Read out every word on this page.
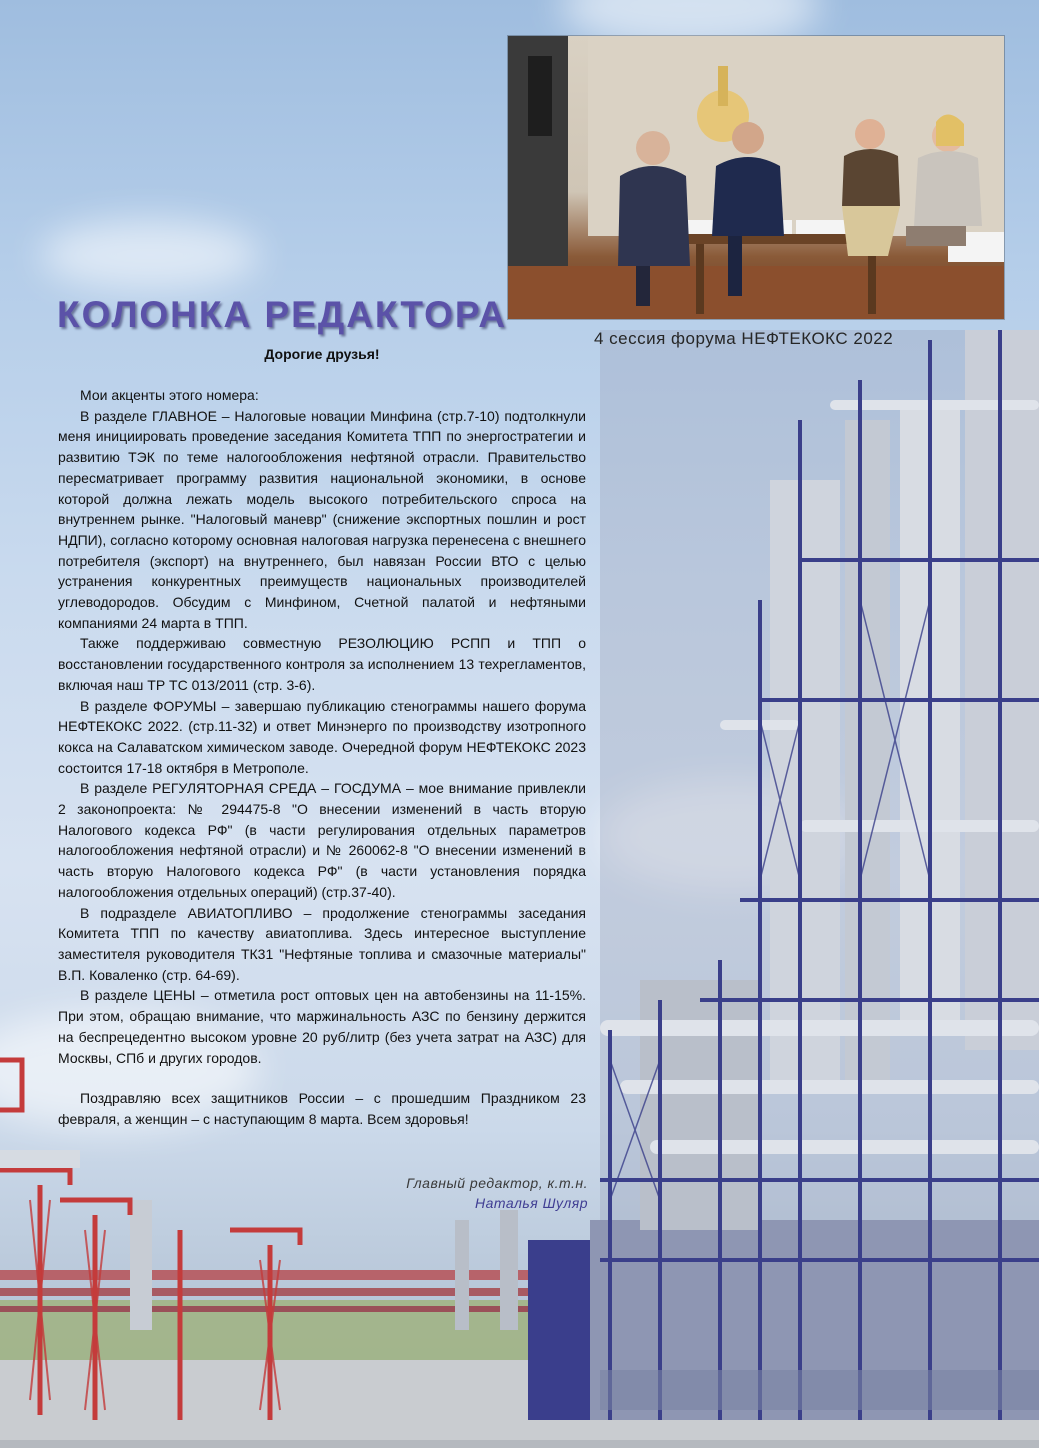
4 сессия форума НЕФТЕКОКС 2022
КОЛОНКА РЕДАКТОРА
Дорогие друзья!

Мои акценты этого номера:

В разделе ГЛАВНОЕ – Налоговые новации Минфина (стр.7-10) подтолкнули меня инициировать проведение заседания Комитета ТПП по энергостратегии и развитию ТЭК по теме налогообложения нефтяной отрасли. Правительство пересматривает программу развития национальной экономики, в основе которой должна лежать модель высокого потребительского спроса на внутреннем рынке. "Налоговый маневр" (снижение экспортных пошлин и рост НДПИ), согласно которому основная налоговая нагрузка перенесена с внешнего потребителя (экспорт) на внутреннего, был навязан России ВТО с целью устранения конкурентных преимуществ национальных производителей углеводородов. Обсудим с Минфином, Счетной палатой и нефтяными компаниями 24 марта в ТПП.

Также поддерживаю совместную РЕЗОЛЮЦИЮ РСПП и ТПП о восстановлении государственного контроля за исполнением 13 техрегламентов, включая наш ТР ТС 013/2011 (стр. 3-6).

В разделе ФОРУМЫ – завершаю публикацию стенограммы нашего форума НЕФТЕКОКС 2022. (стр.11-32) и ответ Минэнерго по производству изотропного кокса на Салаватском химическом заводе. Очередной форум НЕФТЕКОКС 2023 состоится 17-18 октября в Метрополе.

В разделе РЕГУЛЯТОРНАЯ СРЕДА – ГОСДУМА – мое внимание привлекли 2 законопроекта: № 294475-8 "О внесении изменений в часть вторую Налогового кодекса РФ" (в части регулирования отдельных параметров налогообложения нефтяной отрасли) и № 260062-8 "О внесении изменений в часть вторую Налогового кодекса РФ" (в части установления порядка налогообложения отдельных операций) (стр.37-40).

В подразделе АВИАТОПЛИВО – продолжение стенограммы заседания Комитета ТПП по качеству авиатоплива. Здесь интересное выступление заместителя руководителя ТК31 "Нефтяные топлива и смазочные материалы" В.П. Коваленко (стр. 64-69).

В разделе ЦЕНЫ – отметила рост оптовых цен на автобензины на 11-15%. При этом, обращаю внимание, что маржинальность АЗС по бензину держится на беспрецедентно высоком уровне 20 руб/литр (без учета затрат на АЗС) для Москвы, СПб и других городов.

Поздравляю всех защитников России – с прошедшим Праздником 23 февраля, а женщин – с наступающим 8 марта. Всем здоровья!

Главный редактор, к.т.н.
Наталья Шуляр
